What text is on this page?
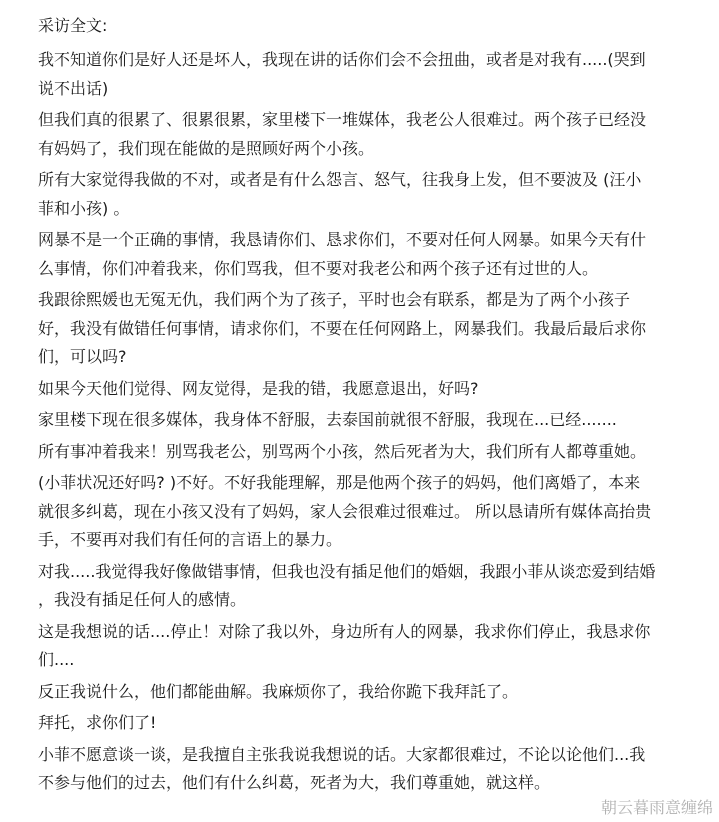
采访全文:
我不知道你们是好人还是坏人，我现在讲的话你们会不会扭曲，或者是对我有.....(哭到
说不出话)
但我们真的很累了、很累很累，家里楼下一堆媒体，我老公人很难过。两个孩子已经没
有妈妈了，我们现在能做的是照顾好两个小孩。
所有大家觉得我做的不对，或者是有什么怨言、怒气，往我身上发，但不要波及 (汪小
菲和小孩) 。
网暴不是一个正确的事情，我恳请你们、恳求你们，不要对任何人网暴。如果今天有什
么事情，你们冲着我来，你们骂我，但不要对我老公和两个孩子还有过世的人。
我跟徐熙媛也无冤无仇，我们两个为了孩子，平时也会有联系，都是为了两个小孩子
好，我没有做错任何事情，请求你们，不要在任何网路上，网暴我们。我最后最后求你
们，可以吗?
如果今天他们觉得、网友觉得，是我的错，我愿意退出，好吗?
家里楼下现在很多媒体，我身体不舒服，去泰国前就很不舒服，我现在...已经.......
所有事冲着我来！别骂我老公，别骂两个小孩，然后死者为大，我们所有人都尊重她。
(小菲状况还好吗? )不好。不好我能理解，那是他两个孩子的妈妈，他们离婚了，本来
就很多纠葛，现在小孩又没有了妈妈，家人会很难过很难过。 所以恳请所有媒体高抬贵
手，不要再对我们有任何的言语上的暴力。
对我.....我觉得我好像做错事情，但我也没有插足他们的婚姻，我跟小菲从谈恋爱到结婚
，我没有插足任何人的感情。
这是我想说的话....停止！对除了我以外，身边所有人的网暴，我求你们停止，我恳求你
们....
反正我说什么，他们都能曲解。我麻烦你了，我给你跪下我拜託了。
拜托，求你们了!
小菲不愿意谈一谈，是我擅自主张我说我想说的话。大家都很难过，不论以论他们...我
不参与他们的过去，他们有什么纠葛，死者为大，我们尊重她，就这样。
朝云暮雨意缠绵
